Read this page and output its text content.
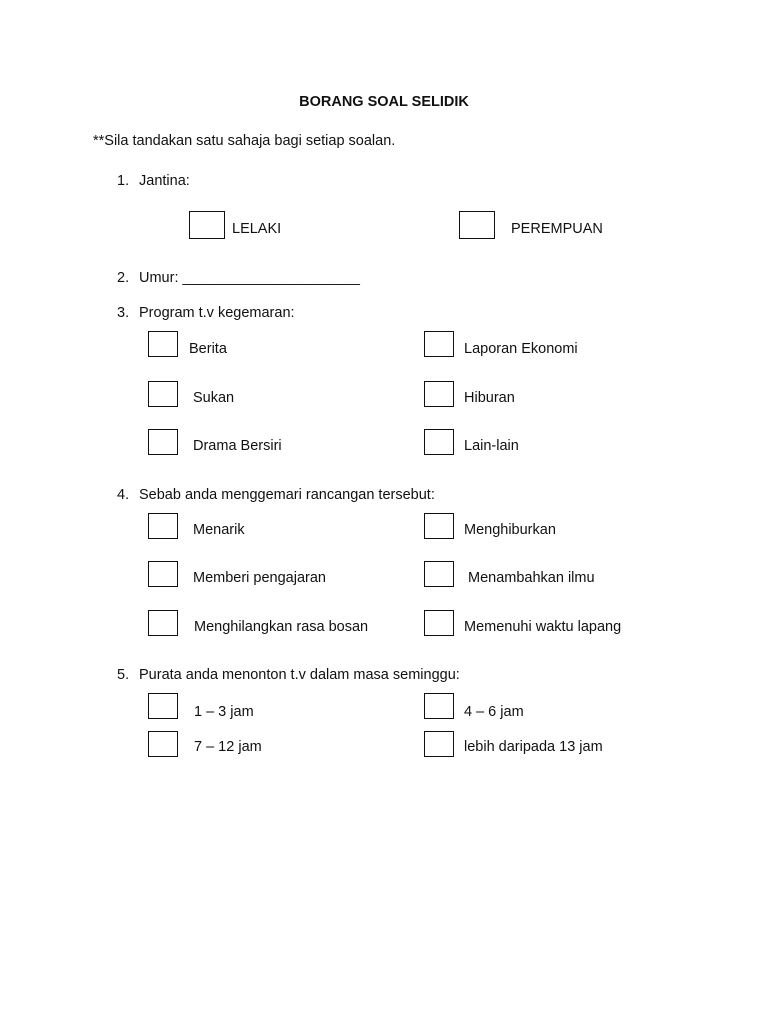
BORANG SOAL SELIDIK
**Sila tandakan satu sahaja bagi setiap soalan.
1. Jantina:
LELAKI	PEREMPUAN
2. Umur: ______________________
3. Program t.v kegemaran:
Berita	Laporan Ekonomi
Sukan	Hiburan
Drama Bersiri	Lain-lain
4. Sebab anda menggemari rancangan tersebut:
Menarik	Menghiburkan
Memberi pengajaran	Menambahkan ilmu
Menghilangkan rasa bosan	Memenuhi waktu lapang
5. Purata anda menonton t.v dalam masa seminggu:
1 – 3 jam	4 – 6 jam
7 – 12 jam	lebih daripada 13 jam
